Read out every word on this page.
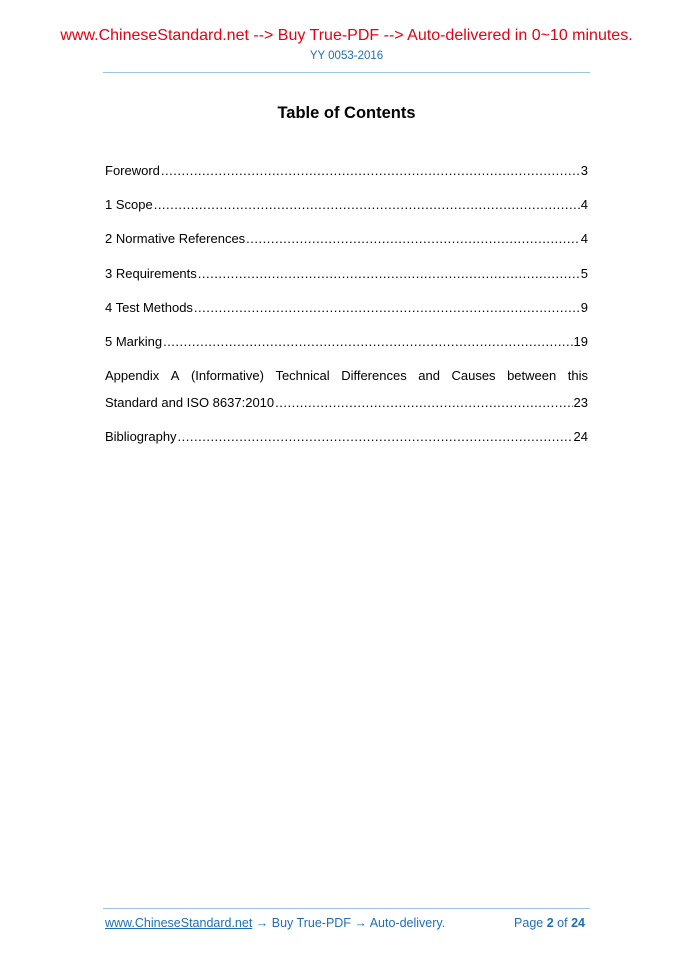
www.ChineseStandard.net --> Buy True-PDF --> Auto-delivered in 0~10 minutes.
YY 0053-2016
Table of Contents
Foreword .....	3
1 Scope .....	4
2 Normative References .....	4
3 Requirements .....	5
4 Test Methods .....	9
5 Marking .....	19
Appendix A (Informative) Technical Differences and Causes between this
Standard and ISO 8637:2010 .....	23
Bibliography .....	24
www.ChineseStandard.net → Buy True-PDF → Auto-delivery.	Page 2 of 24
